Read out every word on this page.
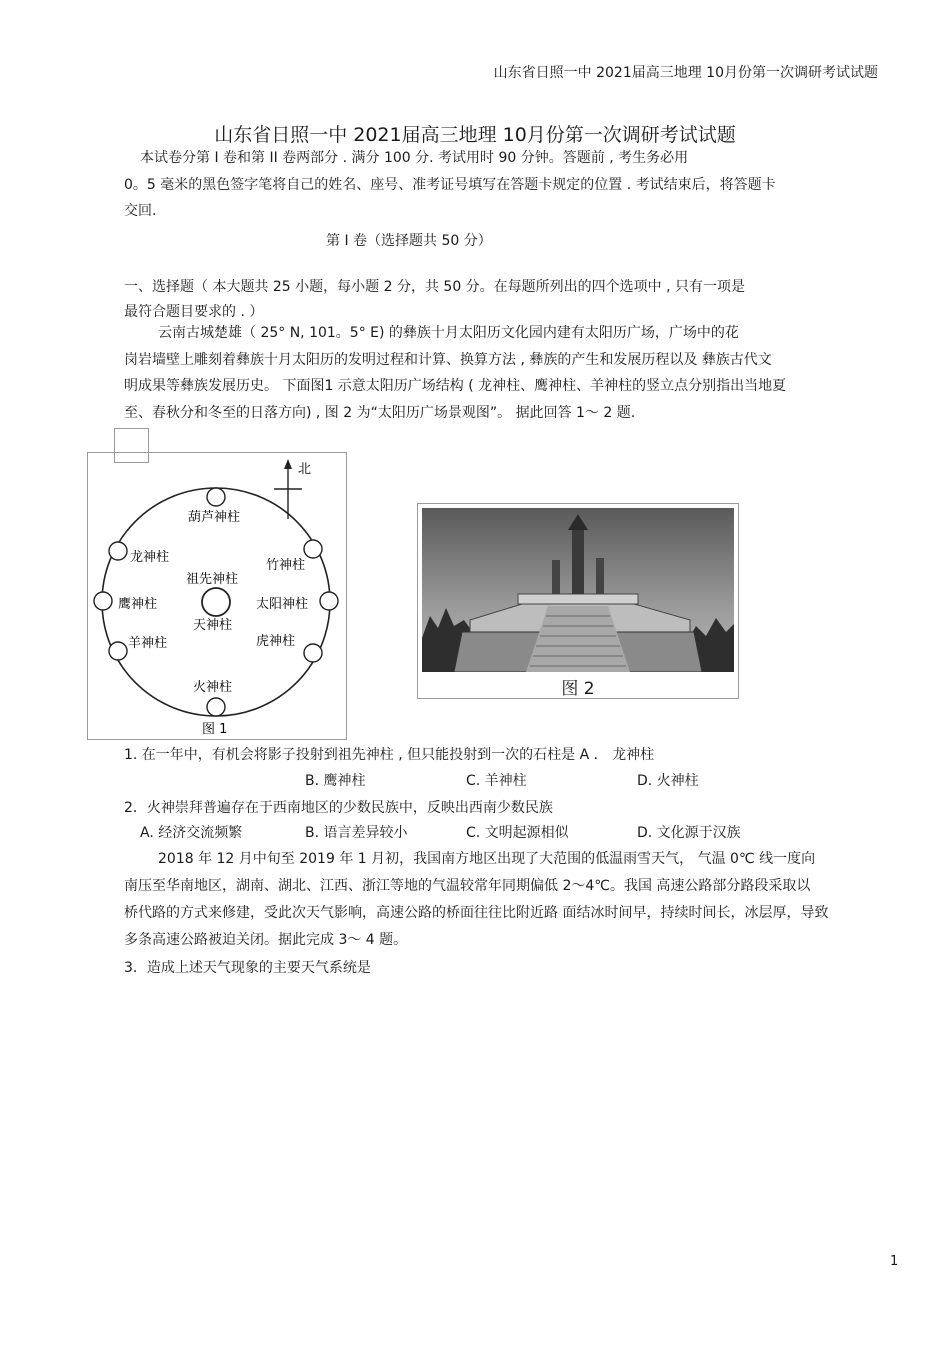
山东省日照一中 2021届高三地理 10月份第一次调研考试试题
山东省日照一中 2021届高三地理 10月份第一次调研考试试题
本试卷分第 I 卷和第 II 卷两部分 . 满分 100 分. 考试用时 90 分钟。答题前 , 考生务必用
0。5 毫米的黑色签字笔将自己的姓名、座号、准考证号填写在答题卡规定的位置 . 考试结束后，将答题卡
交回.
第 I 卷（选择题共 50 分）
一、选择题（ 本大题共 25 小题，每小题 2 分，共 50 分。在每题所列出的四个选项中 , 只有一项是
最符合题目要求的 . ）
云南古城楚雄（ 25° N, 101。5° E) 的彝族十月太阳历文化园内建有太阳历广场，广场中的花
岗岩墙壁上雕刻着彝族十月太阳历的发明过程和计算、换算方法 , 彝族的产生和发展历程以及 彝族古代文
明成果等彝族发展历史。 下面图1 示意太阳历广场结构 ( 龙神柱、鹰神柱、羊神柱的竖立点分别指出当地夏
至、春秋分和冬至的日落方向) , 图 2 为“太阳历广场景观图”。 据此回答 1～ 2 题.
北
葫芦神柱
龙神柱
竹神柱
祖先神柱
鹰神柱	太阳神柱
天神柱
羊神柱	虎神柱
火神柱
图 1
图 2
1. 在一年中，有机会将影子投射到祖先神柱 , 但只能投射到一次的石柱是 A ． 龙神柱
B. 鹰神柱	C. 羊神柱	D. 火神柱
2．火神崇拜普遍存在于西南地区的少数民族中，反映出西南少数民族
A. 经济交流频繁	B. 语言差异较小	C. 文明起源相似	D. 文化源于汉族
2018 年 12 月中旬至 2019 年 1 月初，我国南方地区出现了大范围的低温雨雪天气， 气温 0℃ 线一度向
南压至华南地区，湖南、湖北、江西、浙江等地的气温较常年同期偏低 2～4℃。我国 高速公路部分路段采取以
桥代路的方式来修建，受此次天气影响，高速公路的桥面往往比附近路 面结冰时间早，持续时间长，冰层厚，导致
多条高速公路被迫关闭。据此完成 3～ 4 题。
3．造成上述天气现象的主要天气系统是
1
